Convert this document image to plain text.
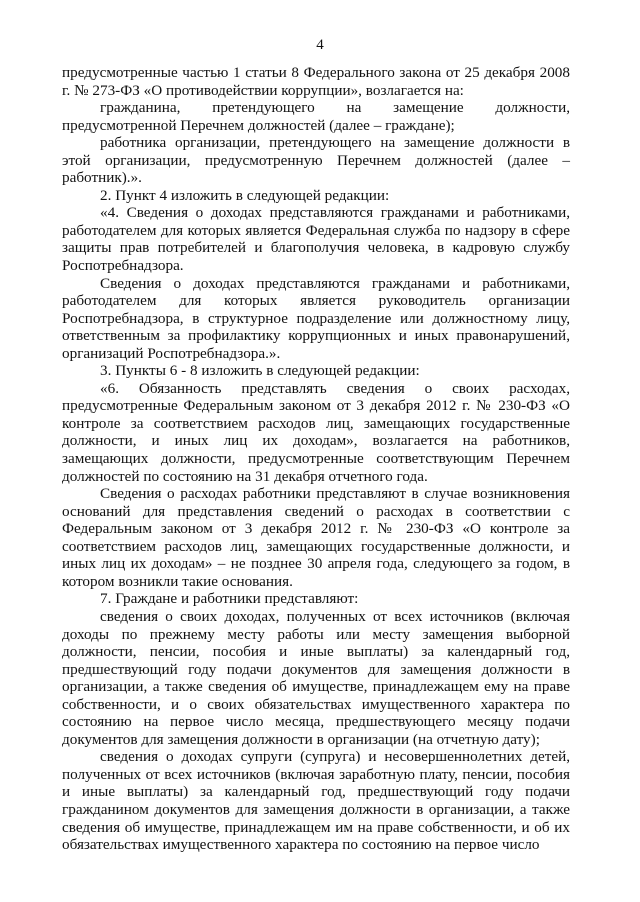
4

предусмотренные частью 1 статьи 8 Федерального закона от 25 декабря 2008 г. № 273-ФЗ «О противодействии коррупции», возлагается на:

гражданина, претендующего на замещение должности, предусмотренной Перечнем должностей (далее – граждане);

работника организации, претендующего на замещение должности в этой организации, предусмотренную Перечнем должностей (далее – работник).».

2. Пункт 4 изложить в следующей редакции:

«4. Сведения о доходах представляются гражданами и работниками, работодателем для которых является Федеральная служба по надзору в сфере защиты прав потребителей и благополучия человека, в кадровую службу Роспотребнадзора.

Сведения о доходах представляются гражданами и работниками, работодателем для которых является руководитель организации Роспотребнадзора, в структурное подразделение или должностному лицу, ответственным за профилактику коррупционных и иных правонарушений, организаций Роспотребнадзора.».

3. Пункты 6 - 8 изложить в следующей редакции:

«6. Обязанность представлять сведения о своих расходах, предусмотренные Федеральным законом от 3 декабря 2012 г. № 230-ФЗ «О контроле за соответствием расходов лиц, замещающих государственные должности, и иных лиц их доходам», возлагается на работников, замещающих должности, предусмотренные соответствующим Перечнем должностей по состоянию на 31 декабря отчетного года.

Сведения о расходах работники представляют в случае возникновения оснований для представления сведений о расходах в соответствии с Федеральным законом от 3 декабря 2012 г. № 230-ФЗ «О контроле за соответствием расходов лиц, замещающих государственные должности, и иных лиц их доходам» – не позднее 30 апреля года, следующего за годом, в котором возникли такие основания.

7. Граждане и работники представляют:

сведения о своих доходах, полученных от всех источников (включая доходы по прежнему месту работы или месту замещения выборной должности, пенсии, пособия и иные выплаты) за календарный год, предшествующий году подачи документов для замещения должности в организации, а также сведения об имуществе, принадлежащем ему на праве собственности, и о своих обязательствах имущественного характера по состоянию на первое число месяца, предшествующего месяцу подачи документов для замещения должности в организации (на отчетную дату);

сведения о доходах супруги (супруга) и несовершеннолетних детей, полученных от всех источников (включая заработную плату, пенсии, пособия и иные выплаты) за календарный год, предшествующий году подачи гражданином документов для замещения должности в организации, а также сведения об имуществе, принадлежащем им на праве собственности, и об их обязательствах имущественного характера по состоянию на первое число
